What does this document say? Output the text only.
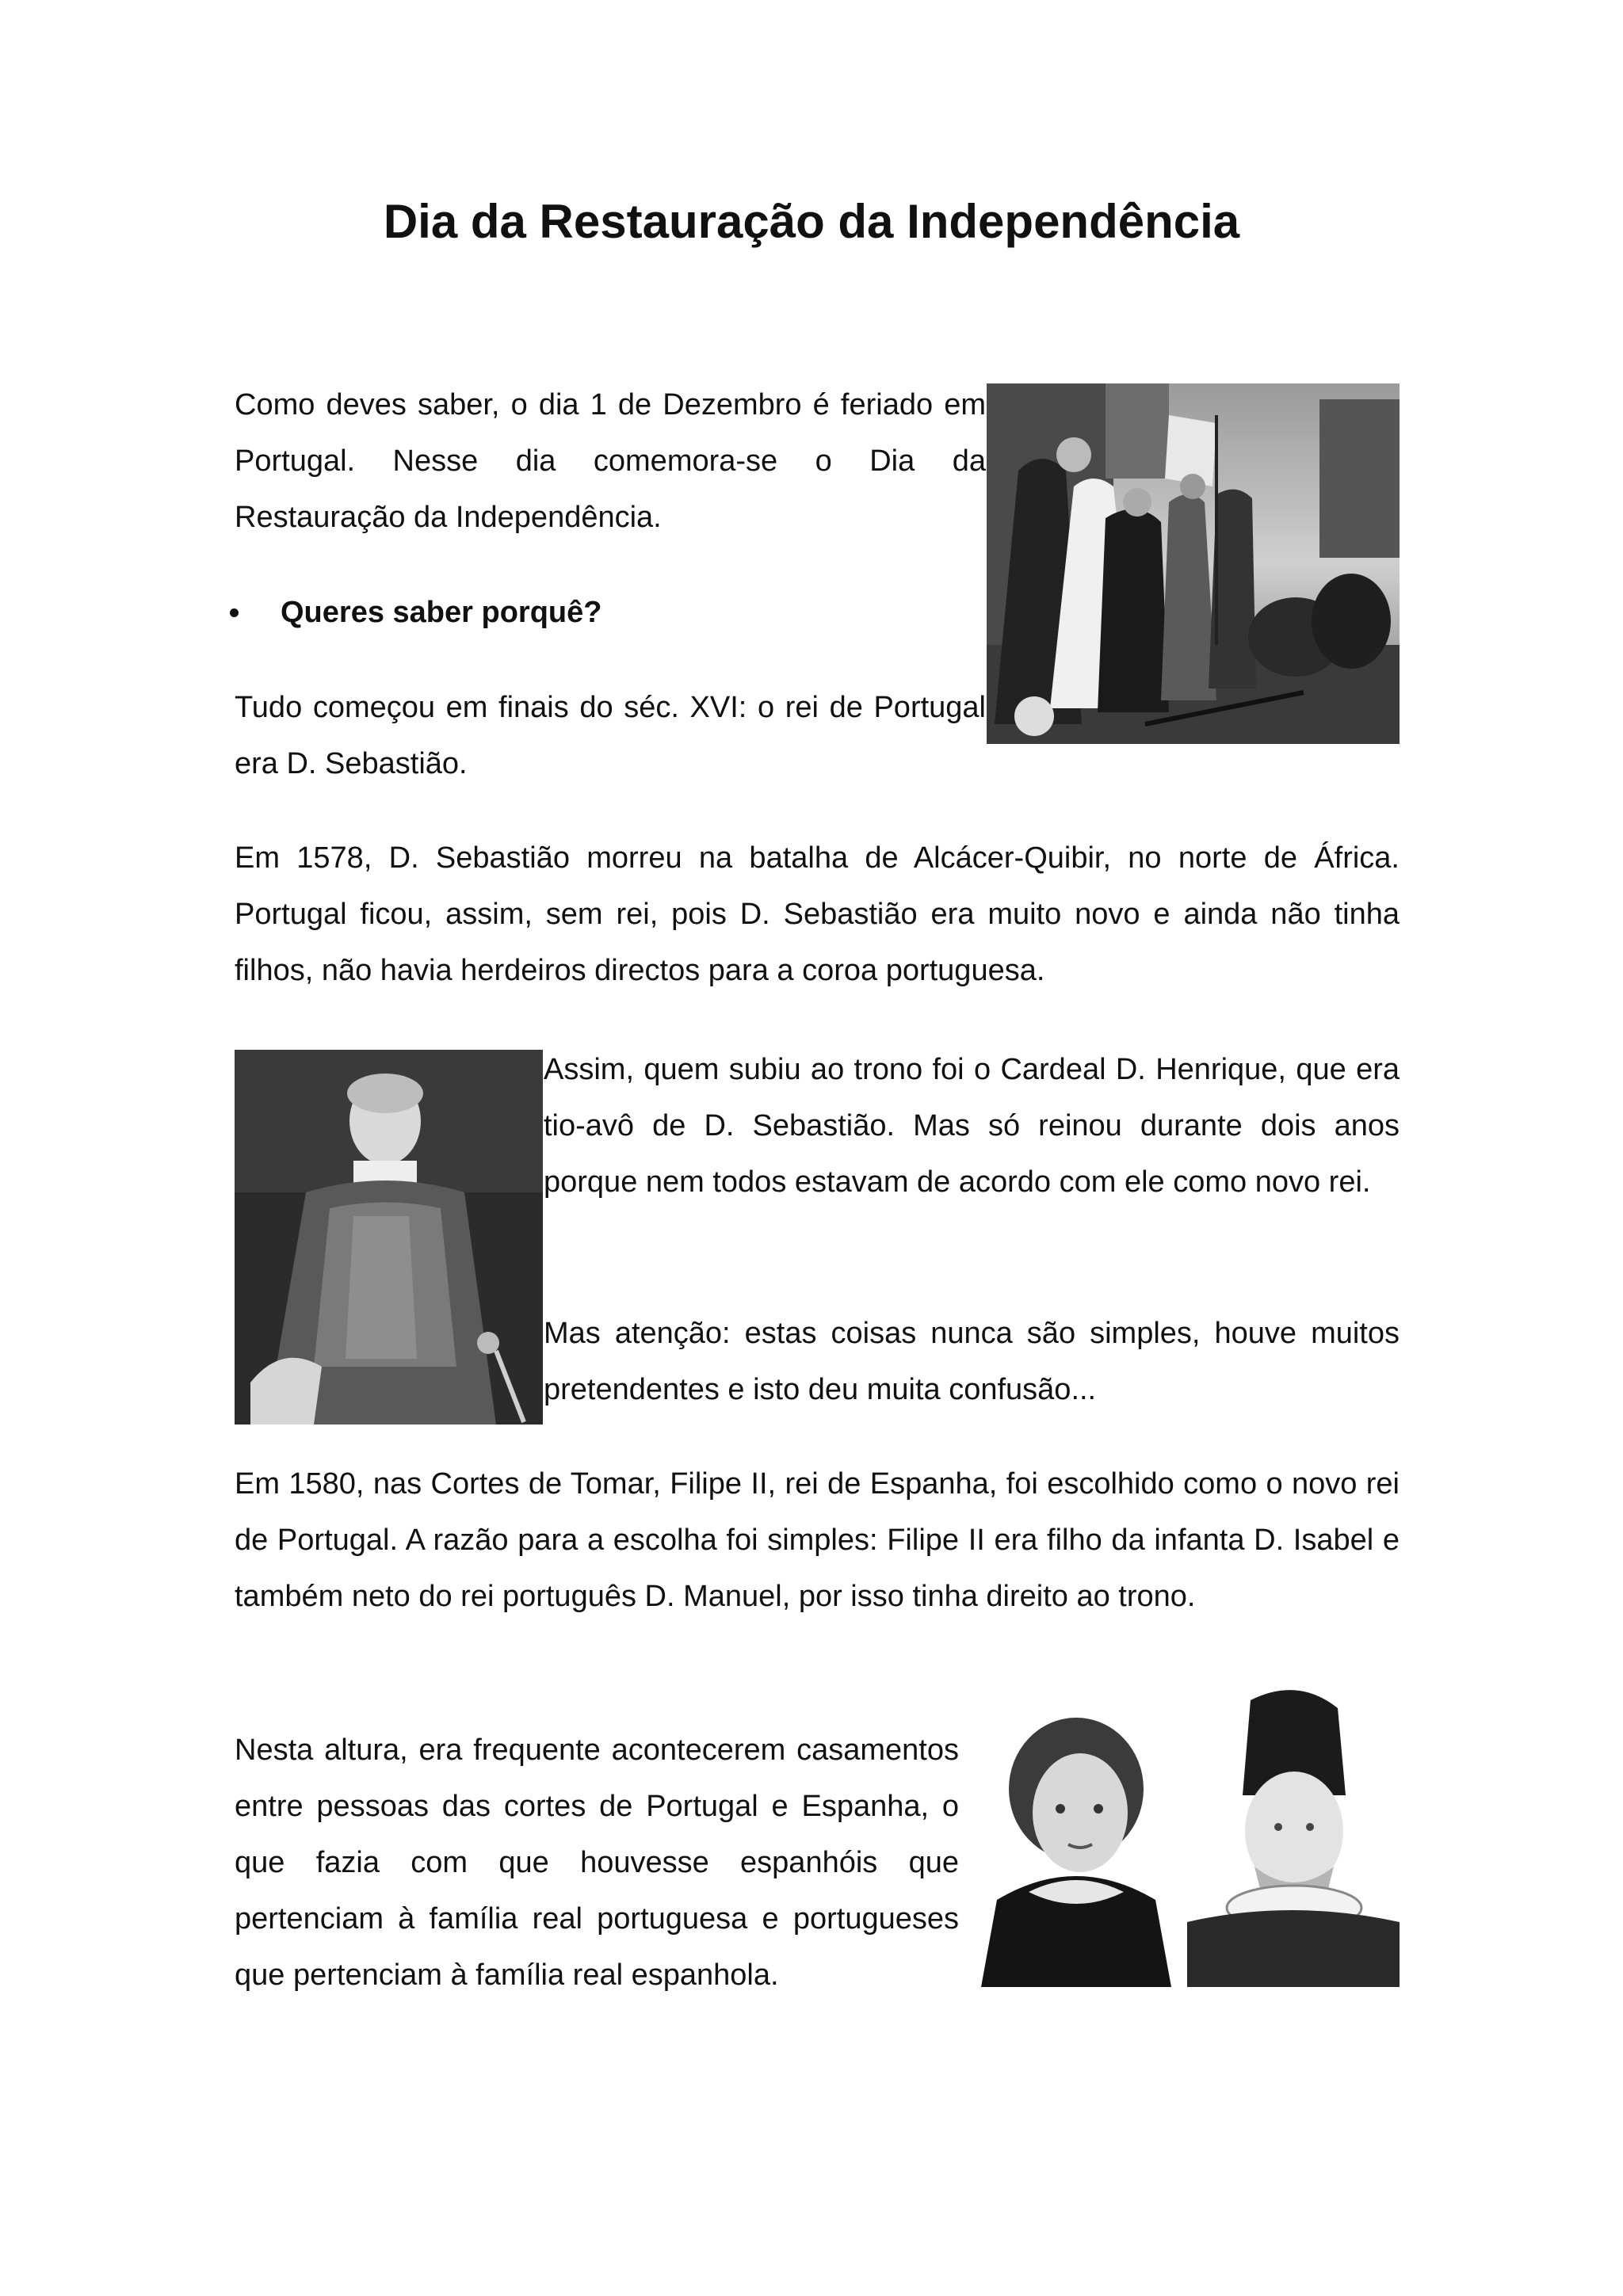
Dia da Restauração da Independência

Como deves saber, o dia 1 de Dezembro é feriado em Portugal. Nesse dia comemora-se o Dia da Restauração da Independência.

Queres saber porquê?

Tudo começou em finais do séc. XVI: o rei de Portugal era D. Sebastião.

Em 1578, D. Sebastião morreu na batalha de Alcácer-Quibir, no norte de África. Portugal ficou, assim, sem rei, pois D. Sebastião era muito novo e ainda não tinha filhos, não havia herdeiros directos para a coroa portuguesa.

Assim, quem subiu ao trono foi o Cardeal D. Henrique, que era tio-avô de D. Sebastião. Mas só reinou durante dois anos porque nem todos estavam de acordo com ele como novo rei.

Mas atenção: estas coisas nunca são simples, houve muitos pretendentes e isto deu muita confusão...

Em 1580, nas Cortes de Tomar, Filipe II, rei de Espanha, foi escolhido como o novo rei de Portugal. A razão para a escolha foi simples: Filipe II era filho da infanta D. Isabel e também neto do rei português D. Manuel, por isso tinha direito ao trono.

Nesta altura, era frequente acontecerem casamentos entre pessoas das cortes de Portugal e Espanha, o que fazia com que houvesse espanhóis que pertenciam à família real portuguesa e portugueses que pertenciam à família real espanhola.
